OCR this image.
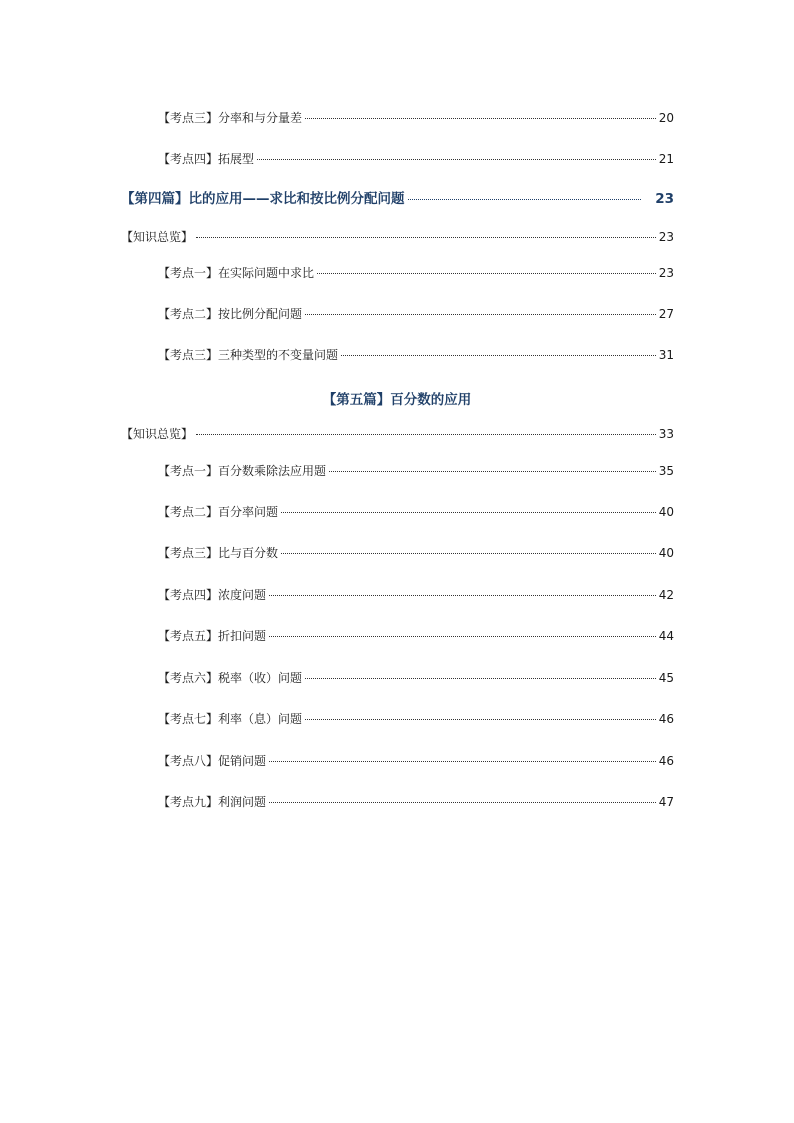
【考点三】分率和与分量差	20
【考点四】拓展型	21
【第四篇】比的应用——求比和按比例分配问题	23
【知识总览】	23
【考点一】在实际问题中求比	23
【考点二】按比例分配问题	27
【考点三】三种类型的不变量问题	31
【第五篇】百分数的应用
【知识总览】	33
【考点一】百分数乘除法应用题	35
【考点二】百分率问题	40
【考点三】比与百分数	40
【考点四】浓度问题	42
【考点五】折扣问题	44
【考点六】税率（收）问题	45
【考点七】利率（息）问题	46
【考点八】促销问题	46
【考点九】利润问题	47
